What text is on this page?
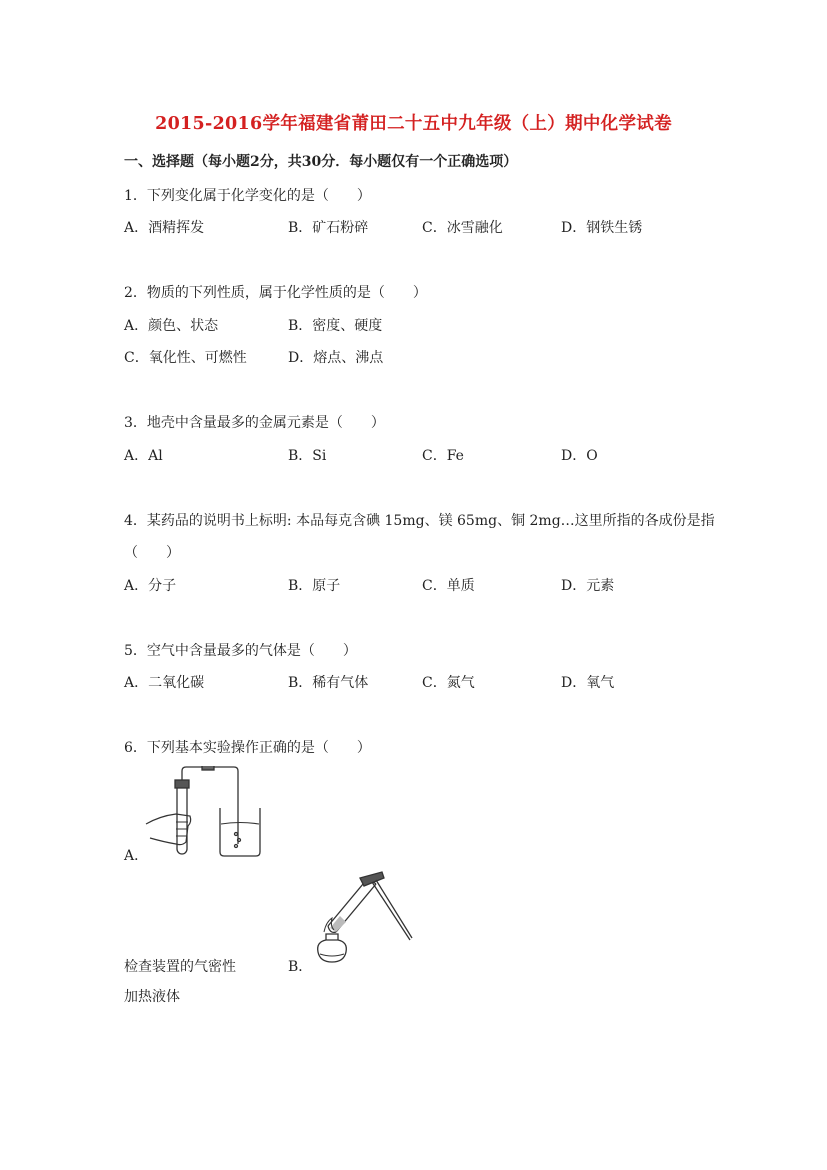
2015-2016学年福建省莆田二十五中九年级（上）期中化学试卷
一、选择题（每小题2分，共30分．每小题仅有一个正确选项）
1．下列变化属于化学变化的是（　　）
A．酒精挥发	B．矿石粉碎	C．冰雪融化	D．钢铁生锈
2．物质的下列性质，属于化学性质的是（　　）
A．颜色、状态	B．密度、硬度
C．氧化性、可燃性	D．熔点、沸点
3．地壳中含量最多的金属元素是（　　）
A．Al	B．Si	C．Fe	D．O
4．某药品的说明书上标明: 本品每克含碘 15mg、镁 65mg、铜 2mg…这里所指的各成份是指
（　　）
A．分子	B．原子	C．单质	D．元素
5．空气中含量最多的气体是（　　）
A．二氧化碳	B．稀有气体	C．氮气	D．氧气
6．下列基本实验操作正确的是（　　）
A．
检查装置的气密性	B．
加热液体
